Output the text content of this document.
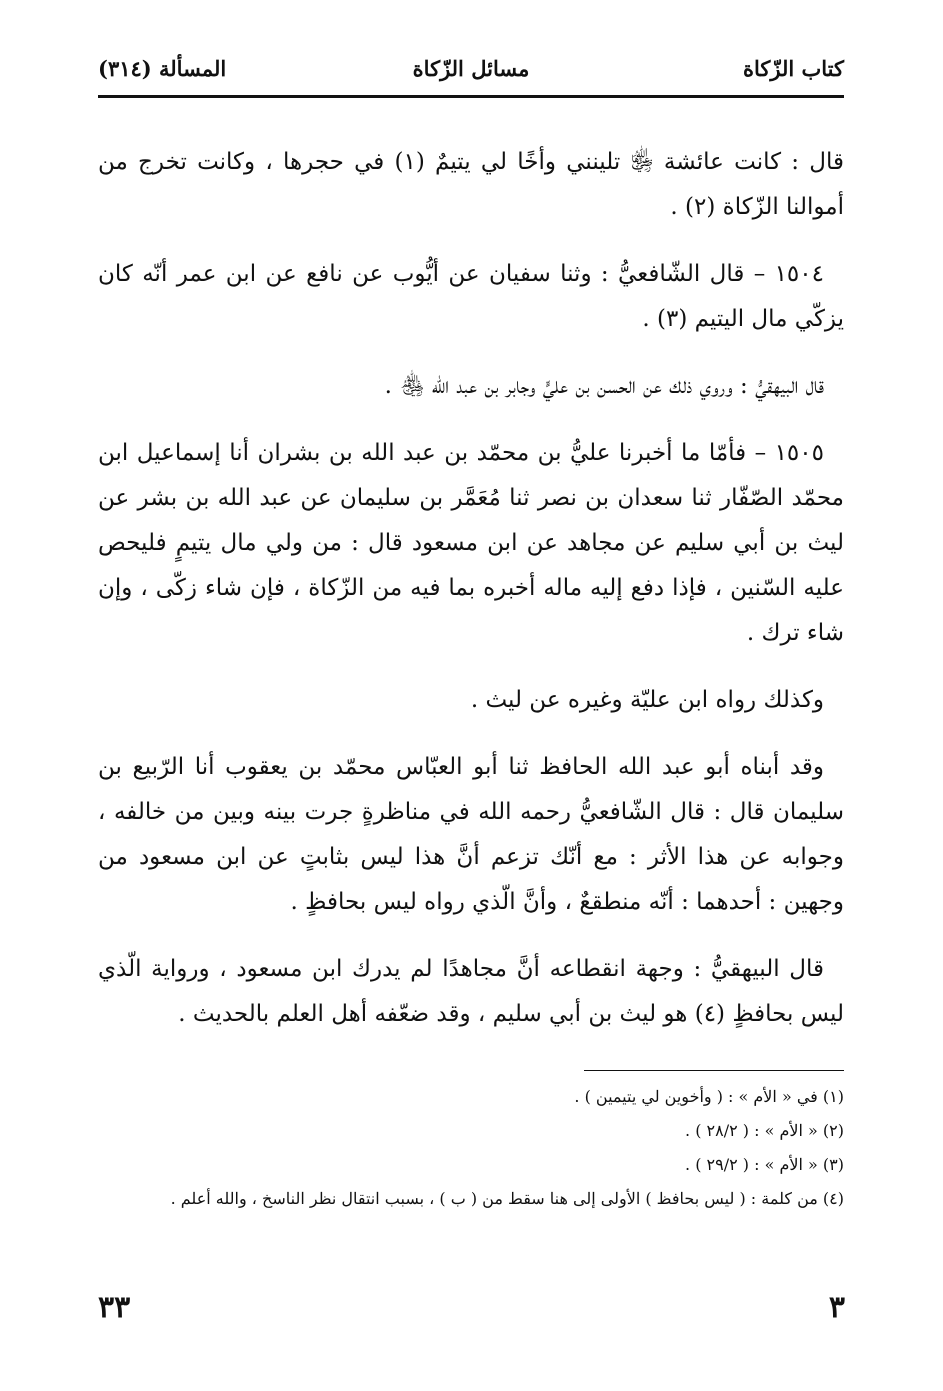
كتاب الزّكاة
مسائل الزّكاة
المسألة (٣١٤)

قال : كانت عائشة ﵂ تلينني وأخًا لي يتيمٌ (١) في حجرها ، وكانت تخرج من أموالنا الزّكاة (٢) .

١٥٠٤ – قال الشّافعيُّ : وثنا سفيان عن أيُّوب عن نافع عن ابن عمر أنّه كان يزكّي مال اليتيم (٣) .

قال البيهقيُّ : وروي ذلك عن الحسن بن عليٍّ وجابر بن عبد الله ﵃ .

١٥٠٥ – فأمّا ما أخبرنا عليُّ بن محمّد بن عبد الله بن بشران أنا إسماعيل ابن محمّد الصّفّار ثنا سعدان بن نصر ثنا مُعَمَّر بن سليمان عن عبد الله بن بشر عن ليث بن أبي سليم عن مجاهد عن ابن مسعود قال : من ولي مال يتيمٍ فليحص عليه السّنين ، فإذا دفع إليه ماله أخبره بما فيه من الزّكاة ، فإن شاء زكّى ، وإن شاء ترك .

وكذلك رواه ابن عليّة وغيره عن ليث .

وقد أبناه أبو عبد الله الحافظ ثنا أبو العبّاس محمّد بن يعقوب أنا الرّبيع بن سليمان قال : قال الشّافعيُّ رحمه الله في مناظرةٍ جرت بينه وبين من خالفه ، وجوابه عن هذا الأثر : مع أنّك تزعم أنَّ هذا ليس بثابتٍ عن ابن مسعود من وجهين : أحدهما : أنّه منطقعٌ ، وأنَّ الّذي رواه ليس بحافظٍ .

قال البيهقيُّ : وجهة انقطاعه أنَّ مجاهدًا لم يدرك ابن مسعود ، ورواية الّذي ليس بحافظٍ (٤) هو ليث بن أبي سليم ، وقد ضعّفه أهل العلم بالحديث .

(١) في « الأم » : ( وأخوين لي يتيمين ) .

(٢) « الأم » : ( ٢٨/٢ ) .

(٣) « الأم » : ( ٢٩/٢ ) .

(٤) من كلمة : ( ليس بحافظ ) الأولى إلى هنا سقط من ( ب ) ، بسبب انتقال نظر الناسخ ، والله أعلم .

٣٣	٣
